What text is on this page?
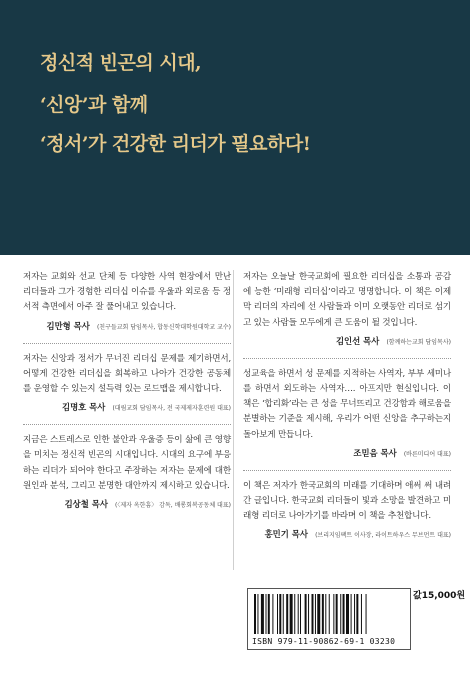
정신적 빈곤의 시대,
‘신앙’과 함께
‘정서’가 건강한 리더가 필요하다!
저자는 교회와 선교 단체 등 다양한 사역 현장에서 만난 리더들과 그가 경험한 리더십 이슈를 우울과 외로움 등 정서적 측면에서 아주 잘 풀어내고 있습니다.
김만형 목사 (친구들교회 담임목사, 합동신학대학원대학교 교수)
저자는 신앙과 정서가 무너진 리더십 문제를 제기하면서, 어떻게 건강한 리더십을 회복하고 나아가 건강한 공동체를 운영할 수 있는지 설득력 있는 로드맵을 제시합니다.
김명호 목사 (대림교회 담임목사, 전 국제제자훈련원 대표)
지금은 스트레스로 인한 불안과 우울증 등이 삶에 큰 영향을 미치는 정신적 빈곤의 시대입니다. 시대의 요구에 부응하는 리더가 되어야 한다고 주장하는 저자는 문제에 대한 원인과 분석, 그리고 분명한 대안까지 제시하고 있습니다.
김상철 목사 (〈제자 옥한흠〉 감독, 배롱회복공동체 대표)
저자는 오늘날 한국교회에 필요한 리더십을 소통과 공감에 능한 ‘미래형 리더십’이라고 명명합니다. 이 책은 이제 막 리더의 자리에 선 사람들과 이미 오랫동안 리더로 섬기고 있는 사람들 모두에게 큰 도움이 될 것입니다.
김인선 목사 (함께하는교회 담임목사)
성교육을 하면서 성 문제를 지적하는 사역자, 부부 세미나를 하면서 외도하는 사역자…. 아프지만 현실입니다. 이 책은 ‘합리화’라는 큰 성을 무너뜨리고 건강함과 해로움을 분별하는 기준을 제시해, 우리가 어떤 신앙을 추구하는지 돌아보게 만듭니다.
조믿음 목사 (바른미디어 대표)
이 책은 저자가 한국교회의 미래를 기대하며 애써 써 내려간 글입니다. 한국교회 리더들이 빛과 소망을 발견하고 미래형 리더로 나아가기를 바라며 이 책을 추천합니다.
홍민기 목사 (브리지임팩트 이사장, 라이트하우스 무브먼트 대표)
ISBN 979-11-90862-69-1 03230
값15,000원
